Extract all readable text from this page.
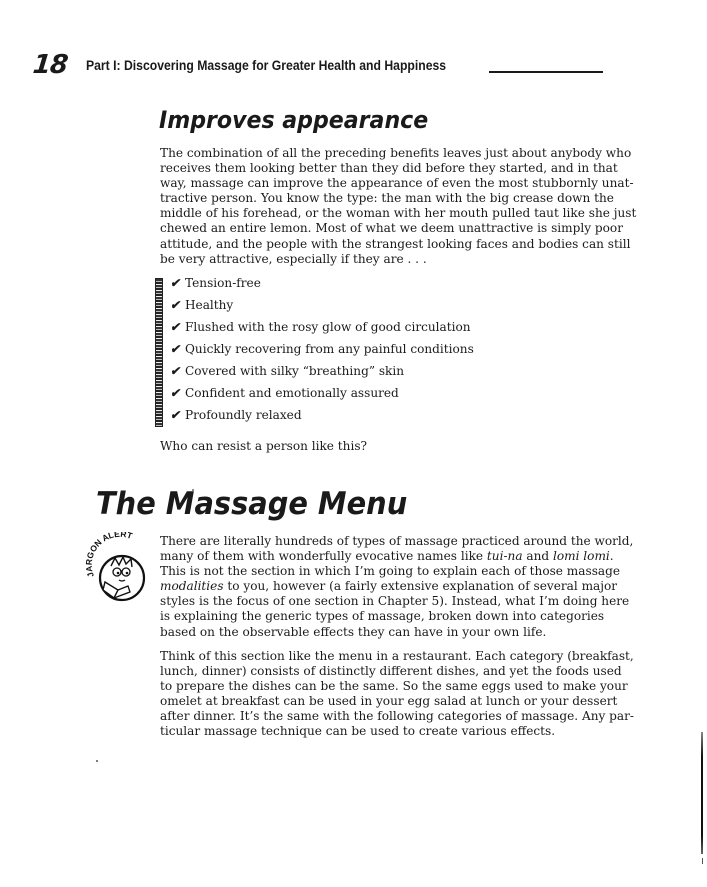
18 Part I: Discovering Massage for Greater Health and Happiness
Improves appearance
The combination of all the preceding benefits leaves just about anybody who
receives them looking better than they did before they started, and in that
way, massage can improve the appearance of even the most stubbornly unat-
tractive person. You know the type: the man with the big crease down the
middle of his forehead, or the woman with her mouth pulled taut like she just
chewed an entire lemon. Most of what we deem unattractive is simply poor
attitude, and the people with the strangest looking faces and bodies can still
be very attractive, especially if they are . . .
✔ Tension-free
✔ Healthy
✔ Flushed with the rosy glow of good circulation
✔ Quickly recovering from any painful conditions
✔ Covered with silky “breathing” skin
✔ Confident and emotionally assured
✔ Profoundly relaxed
Who can resist a person like this?
The Massage Menu
JARGON ALERT There are literally hundreds of types of massage practiced around the world,
many of them with wonderfully evocative names like tui-na and lomi lomi.
This is not the section in which I’m going to explain each of those massage
modalities to you, however (a fairly extensive explanation of several major
styles is the focus of one section in Chapter 5). Instead, what I’m doing here
is explaining the generic types of massage, broken down into categories
based on the observable effects they can have in your own life.
Think of this section like the menu in a restaurant. Each category (breakfast,
lunch, dinner) consists of distinctly different dishes, and yet the foods used
to prepare the dishes can be the same. So the same eggs used to make your
omelet at breakfast can be used in your egg salad at lunch or your dessert
after dinner. It’s the same with the following categories of massage. Any par-
ticular massage technique can be used to create various effects.
